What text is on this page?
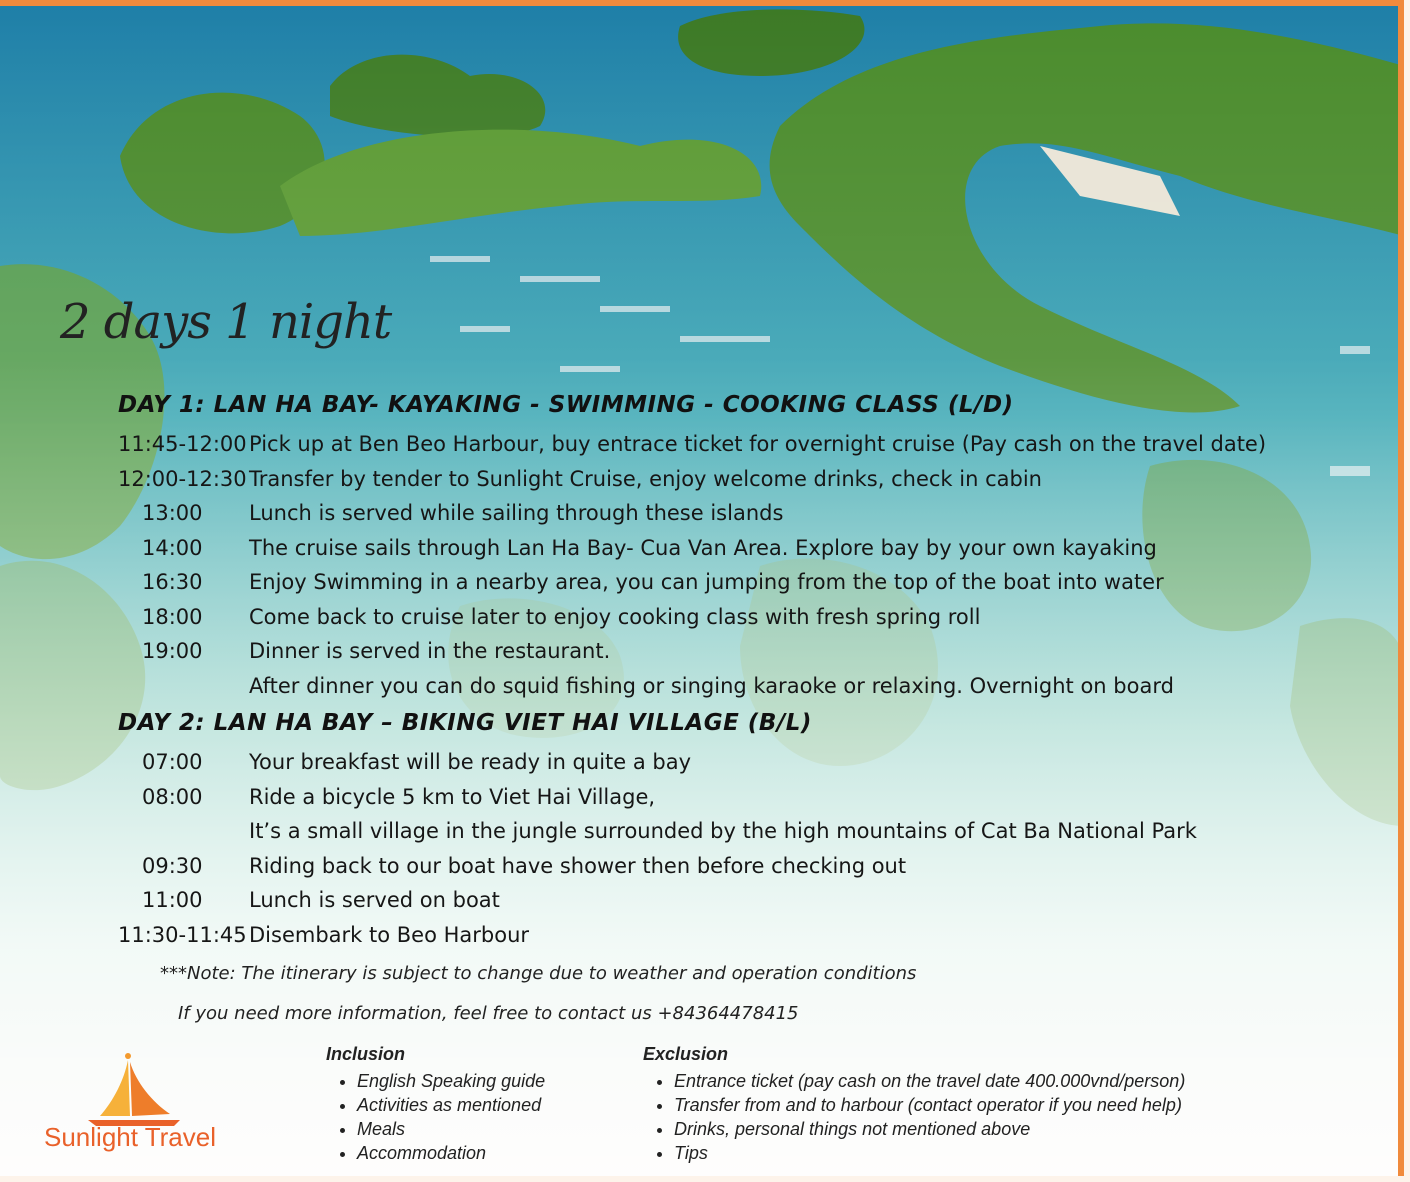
2 days 1 night
DAY 1: LAN HA BAY- KAYAKING - SWIMMING - COOKING CLASS (L/D)
11:45-12:00 Pick up at Ben Beo Harbour, buy entrace ticket for overnight cruise (Pay cash on the travel date)
12:00-12:30 Transfer by tender to Sunlight Cruise, enjoy welcome drinks, check in cabin
13:00	Lunch is served while sailing through these islands
14:00	The cruise sails through Lan Ha Bay- Cua Van Area. Explore bay by your own kayaking
16:30	Enjoy Swimming in a nearby area, you can jumping from the top of the boat into water
18:00	Come back to cruise later to enjoy cooking class with fresh spring roll
19:00	Dinner is served in the restaurant.
After dinner you can do squid fishing or singing karaoke or relaxing. Overnight on board
DAY 2: LAN HA BAY – BIKING VIET HAI VILLAGE (B/L)
07:00	Your breakfast will be ready in quite a bay
08:00	Ride a bicycle 5 km to Viet Hai Village,
It’s a small village in the jungle surrounded by the high mountains of Cat Ba National Park
09:30	Riding back to our boat have shower then before checking out
11:00	Lunch is served on boat
11:30-11:45 Disembark to Beo Harbour
***Note: The itinerary is subject to change due to weather and operation conditions
If you need more information, feel free to contact us +84364478415
Inclusion
• English Speaking guide
• Activities as mentioned
• Meals
• Accommodation
Exclusion
• Entrance ticket (pay cash on the travel date 400.000vnd/person)
• Transfer from and to harbour (contact operator if you need help)
• Drinks, personal things not mentioned above
• Tips
Sunlight Travel
